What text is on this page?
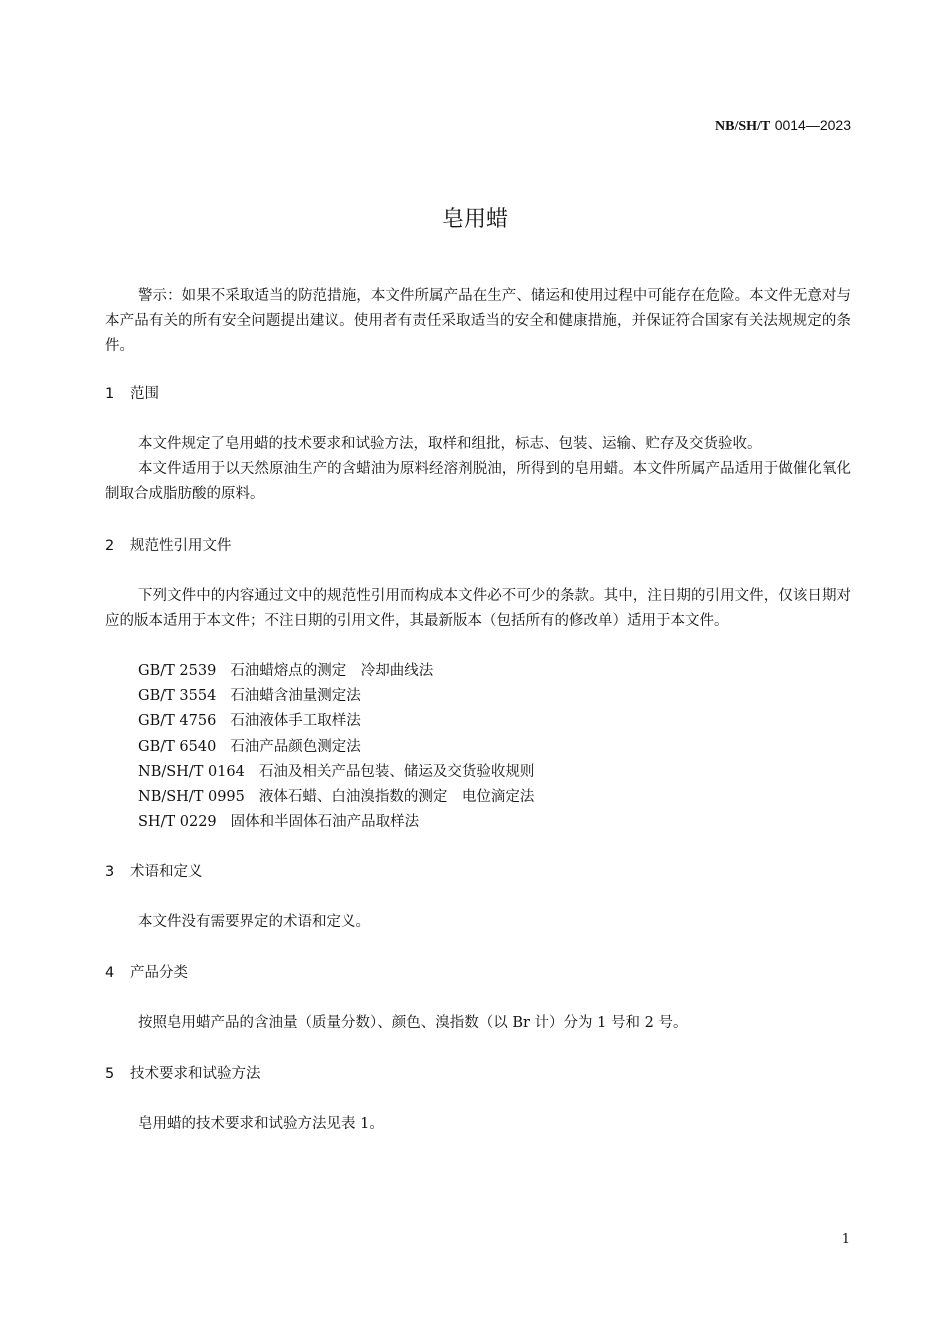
NB/SH/T 0014—2023
皂用蜡

警示：如果不采取适当的防范措施，本文件所属产品在生产、储运和使用过程中可能存在危险。本文件无意对与本产品有关的所有安全问题提出建议。使用者有责任采取适当的安全和健康措施，并保证符合国家有关法规规定的条件。

1 范围

本文件规定了皂用蜡的技术要求和试验方法，取样和组批，标志、包装、运输、贮存及交货验收。

本文件适用于以天然原油生产的含蜡油为原料经溶剂脱油，所得到的皂用蜡。本文件所属产品适用于做催化氧化制取合成脂肪酸的原料。

2 规范性引用文件

下列文件中的内容通过文中的规范性引用而构成本文件必不可少的条款。其中，注日期的引用文件，仅该日期对应的版本适用于本文件；不注日期的引用文件，其最新版本（包括所有的修改单）适用于本文件。

GB/T 2539 石油蜡熔点的测定　冷却曲线法
GB/T 3554 石油蜡含油量测定法
GB/T 4756 石油液体手工取样法
GB/T 6540 石油产品颜色测定法
NB/SH/T 0164 石油及相关产品包装、储运及交货验收规则
NB/SH/T 0995 液体石蜡、白油溴指数的测定　电位滴定法
SH/T 0229 固体和半固体石油产品取样法
3 术语和定义

本文件没有需要界定的术语和定义。

4 产品分类

按照皂用蜡产品的含油量（质量分数）、颜色、溴指数（以 Br 计）分为 1 号和 2 号。

5 技术要求和试验方法

皂用蜡的技术要求和试验方法见表 1。

1
